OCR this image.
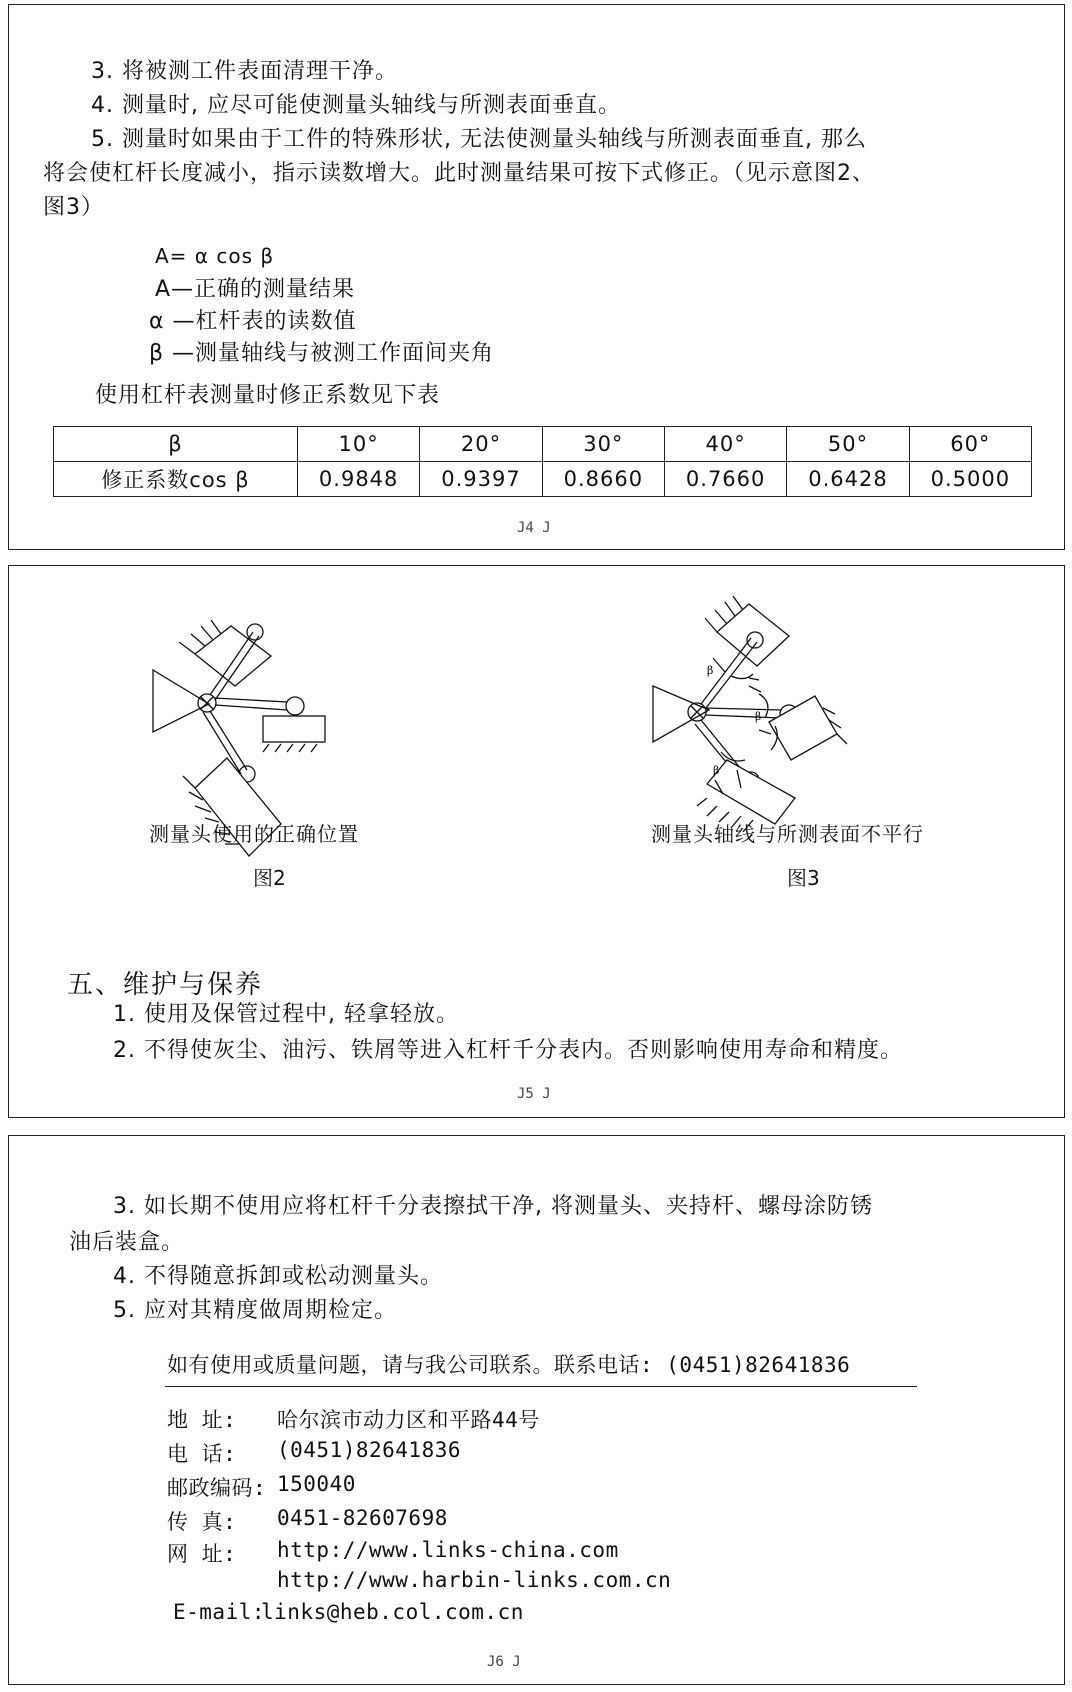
3. 将被测工件表面清理干净。
4. 测量时, 应尽可能使测量头轴线与所测表面垂直。
5. 测量时如果由于工件的特殊形状, 无法使测量头轴线与所测表面垂直, 那么
将会使杠杆长度减小，指示读数增大。此时测量结果可按下式修正。（见示意图2、
图3）
A= α cos β
A—正确的测量结果
α —杠杆表的读数值
β —测量轴线与被测工作面间夹角
使用杠杆表测量时修正系数见下表
β	10°	20°	30°	40°	50°	60°
修正系数cos β	0.9848	0.9397	0.8660	0.7660	0.6428	0.5000
J4 J
β
β
β
测量头使用的正确位置	测量头轴线与所测表面不平行
图2	图3
五、维护与保养
1. 使用及保管过程中, 轻拿轻放。
2. 不得使灰尘、油污、铁屑等进入杠杆千分表内。否则影响使用寿命和精度。
J5 J
3. 如长期不使用应将杠杆千分表擦拭干净, 将测量头、夹持杆、螺母涂防锈
油后装盒。
4. 不得随意拆卸或松动测量头。
5. 应对其精度做周期检定。
如有使用或质量问题，请与我公司联系。联系电话: (0451)82641836
地 址: 哈尔滨市动力区和平路44号
电 话: (0451)82641836
邮政编码: 150040
传 真: 0451-82607698
网 址: http://www.links-china.com
http://www.harbin-links.com.cn
E-mail:
links@heb.col.com.cn
J6 J
